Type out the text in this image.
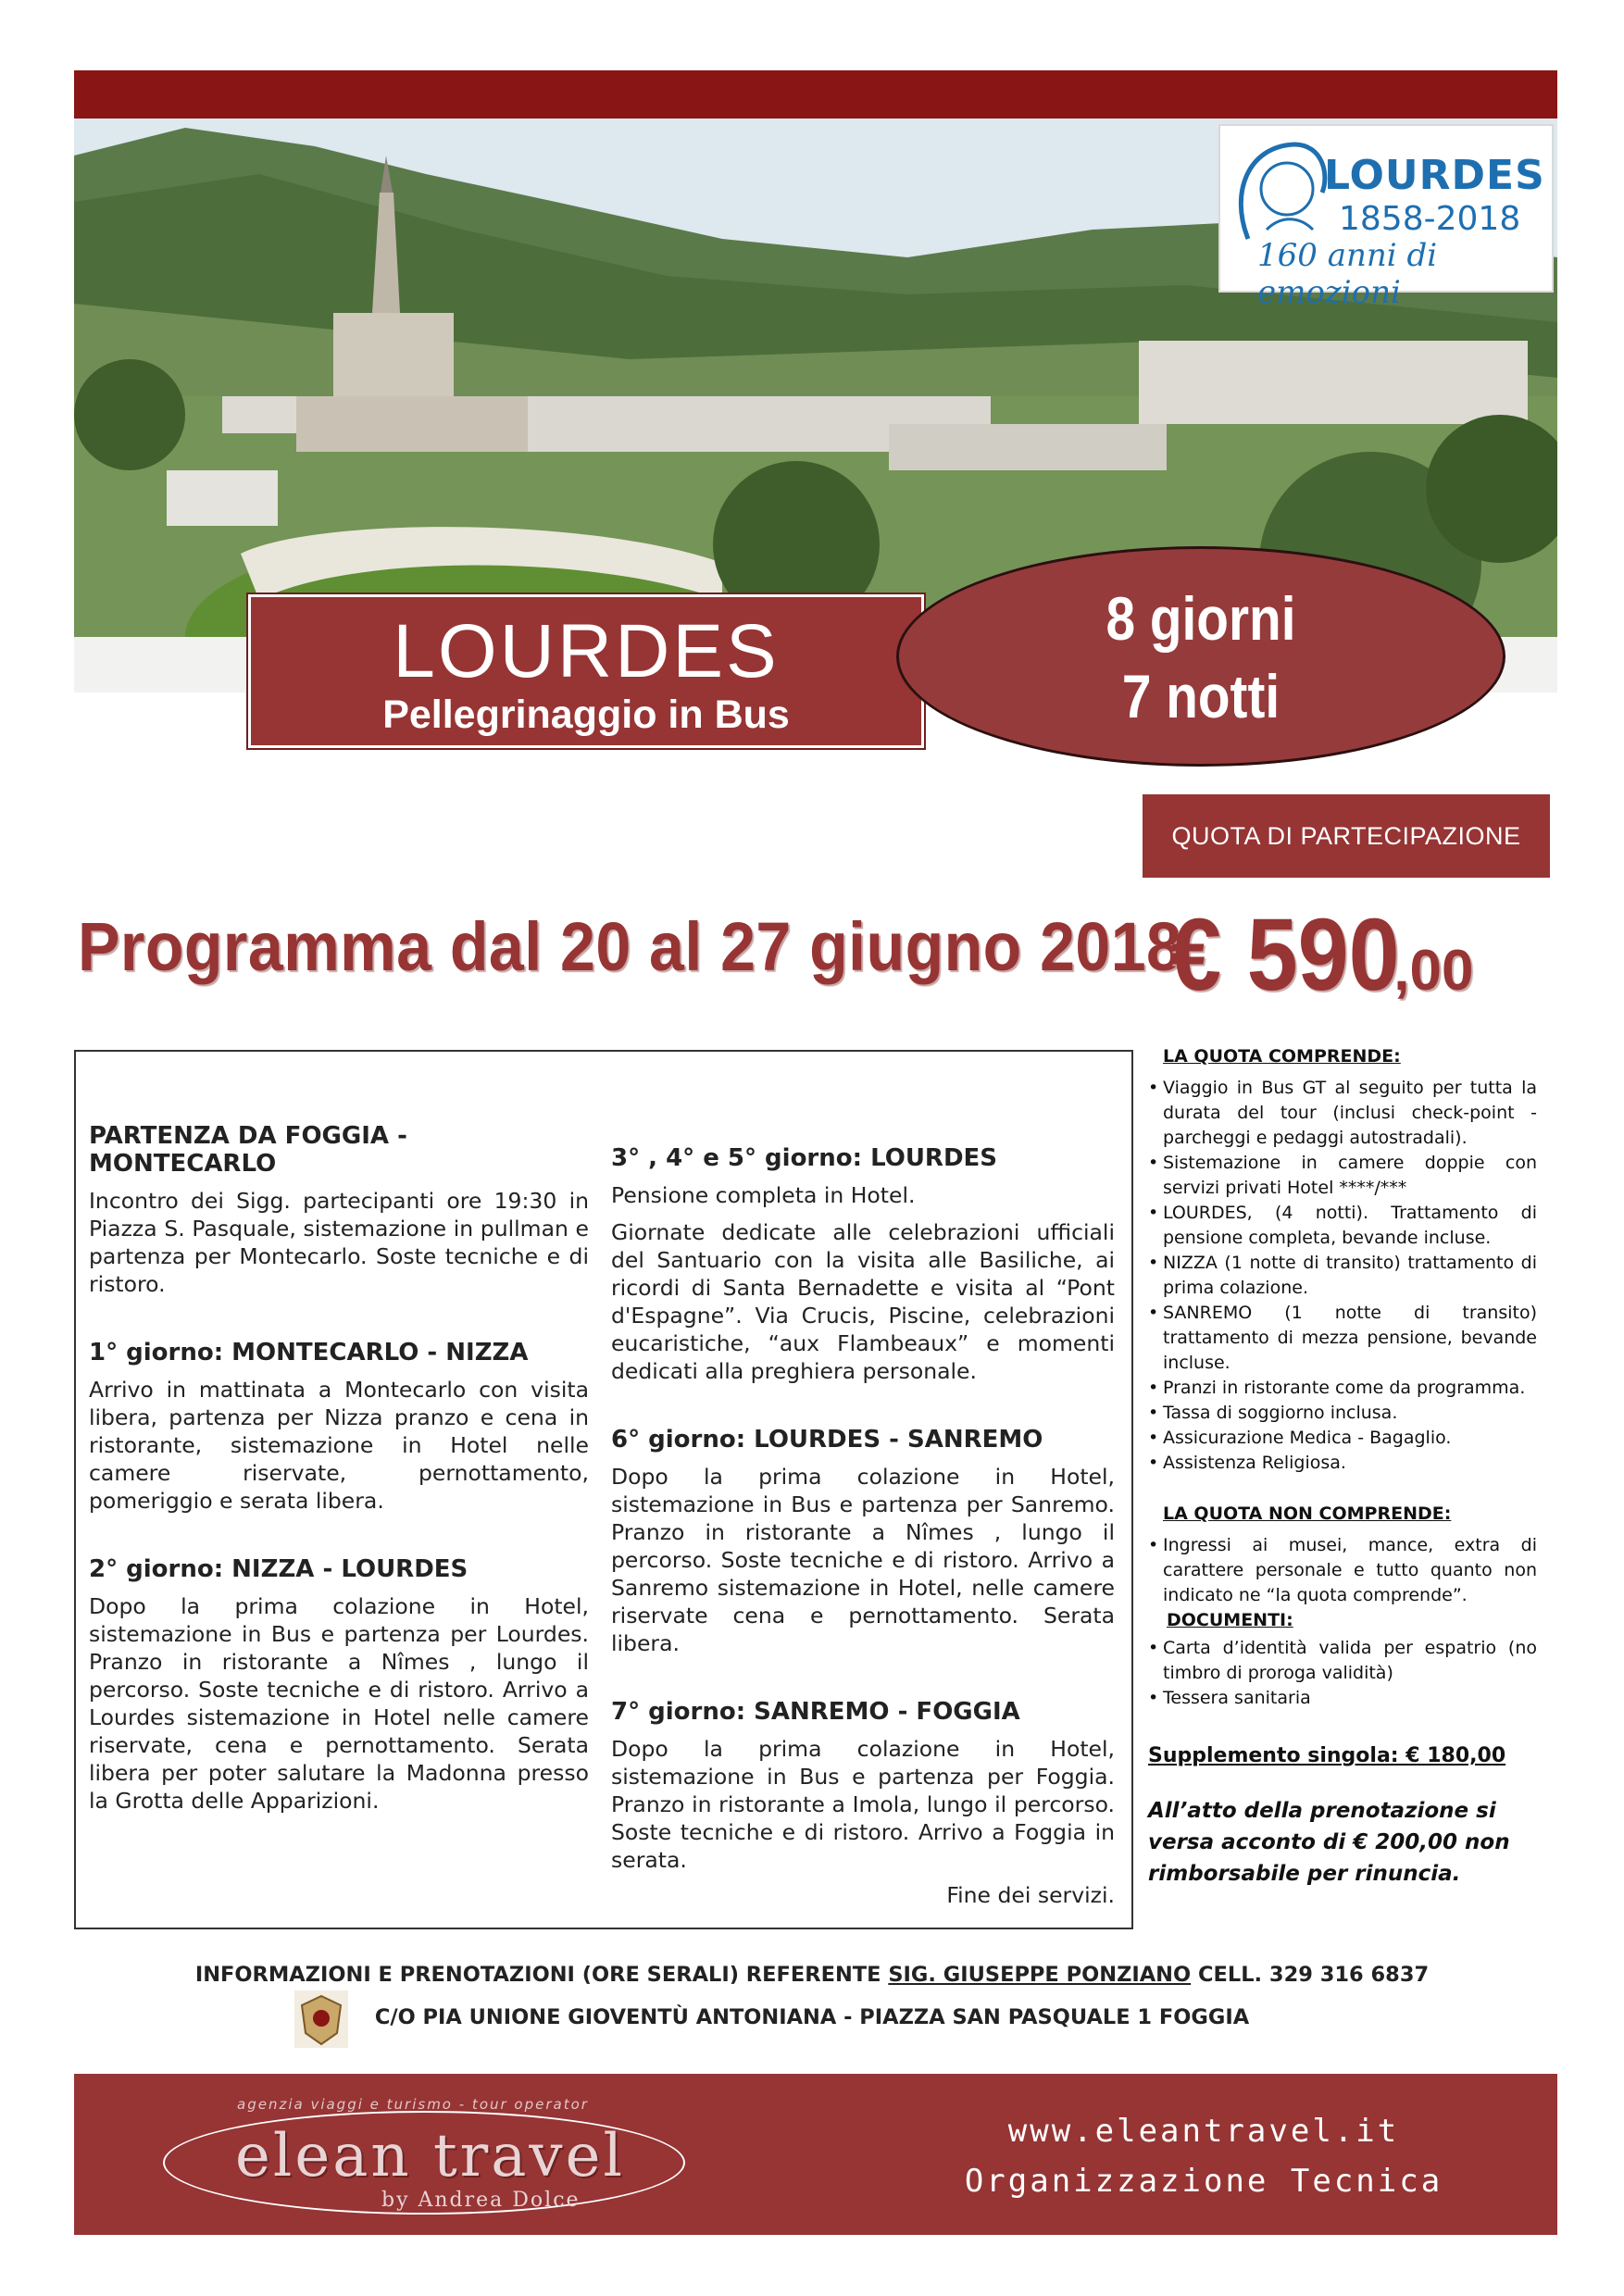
LOURDES
1858-2018
160 anni di emozioni
LOURDES
Pellegrinaggio in Bus
8 giorni
7 notti
QUOTA DI PARTECIPAZIONE
Programma dal 20 al 27 giugno 2018
€ 590,00

PARTENZA DA FOGGIA - MONTECARLO

Incontro dei Sigg. partecipanti ore 19:30 in Piazza S. Pasquale, sistemazione in pullman e partenza per Montecarlo. Soste tecniche e di ristoro.

1° giorno: MONTECARLO - NIZZA

Arrivo in mattinata a Montecarlo con visita libera, partenza per Nizza pranzo e cena in ristorante, sistemazione in Hotel nelle camere riservate, pernottamento, pomeriggio e serata libera.

2° giorno: NIZZA - LOURDES

Dopo la prima colazione in Hotel, sistemazione in Bus e partenza per Lourdes. Pranzo in ristorante a Nîmes , lungo il percorso. Soste tecniche e di ristoro. Arrivo a Lourdes sistemazione in Hotel nelle camere riservate, cena e pernottamento. Serata libera per poter salutare la Madonna presso la Grotta delle Apparizioni.

3° , 4° e 5° giorno: LOURDES

Pensione completa in Hotel.

Giornate dedicate alle celebrazioni ufficiali del Santuario con la visita alle Basiliche, ai ricordi di Santa Bernadette e visita al “Pont d'Espagne”. Via Crucis, Piscine, celebrazioni eucaristiche, “aux Flambeaux” e momenti dedicati alla preghiera personale.

6° giorno: LOURDES - SANREMO

Dopo la prima colazione in Hotel, sistemazione in Bus e partenza per Sanremo. Pranzo in ristorante a Nîmes , lungo il percorso. Soste tecniche e di ristoro. Arrivo a Sanremo sistemazione in Hotel, nelle camere riservate cena e pernottamento. Serata libera.

7° giorno: SANREMO - FOGGIA

Dopo la prima colazione in Hotel, sistemazione in Bus e partenza per Foggia. Pranzo in ristorante a Imola, lungo il percorso. Soste tecniche e di ristoro. Arrivo a Foggia in serata.

Fine dei servizi.

LA QUOTA COMPRENDE:

• Viaggio in Bus GT al seguito per tutta la durata del tour (inclusi check-point - parcheggi e pedaggi autostradali).
• Sistemazione in camere doppie con servizi privati Hotel ****/***
• LOURDES, (4 notti). Trattamento di pensione completa, bevande incluse.
• NIZZA (1 notte di transito) trattamento di prima colazione.
• SANREMO (1 notte di transito) trattamento di mezza pensione, bevande incluse.
• Pranzi in ristorante come da programma.
• Tassa di soggiorno inclusa.
• Assicurazione Medica - Bagaglio.
• Assistenza Religiosa.

LA QUOTA NON COMPRENDE:

• Ingressi ai musei, mance, extra di carattere personale e tutto quanto non indicato ne “la quota comprende”.

DOCUMENTI:

• Carta d’identità valida per espatrio (no timbro di proroga validità)
• Tessera sanitaria

Supplemento singola: € 180,00

All’atto della prenotazione si versa acconto di € 200,00 non rimborsabile per rinuncia.

INFORMAZIONI E PRENOTAZIONI (ORE SERALI) REFERENTE SIG. GIUSEPPE PONZIANO CELL. 329 316 6837
C/O PIA UNIONE GIOVENTÙ ANTONIANA - PIAZZA SAN PASQUALE 1 FOGGIA
agenzia viaggi e turismo - tour operator
elean travel
by Andrea Dolce
www.eleantravel.it
Organizzazione Tecnica
